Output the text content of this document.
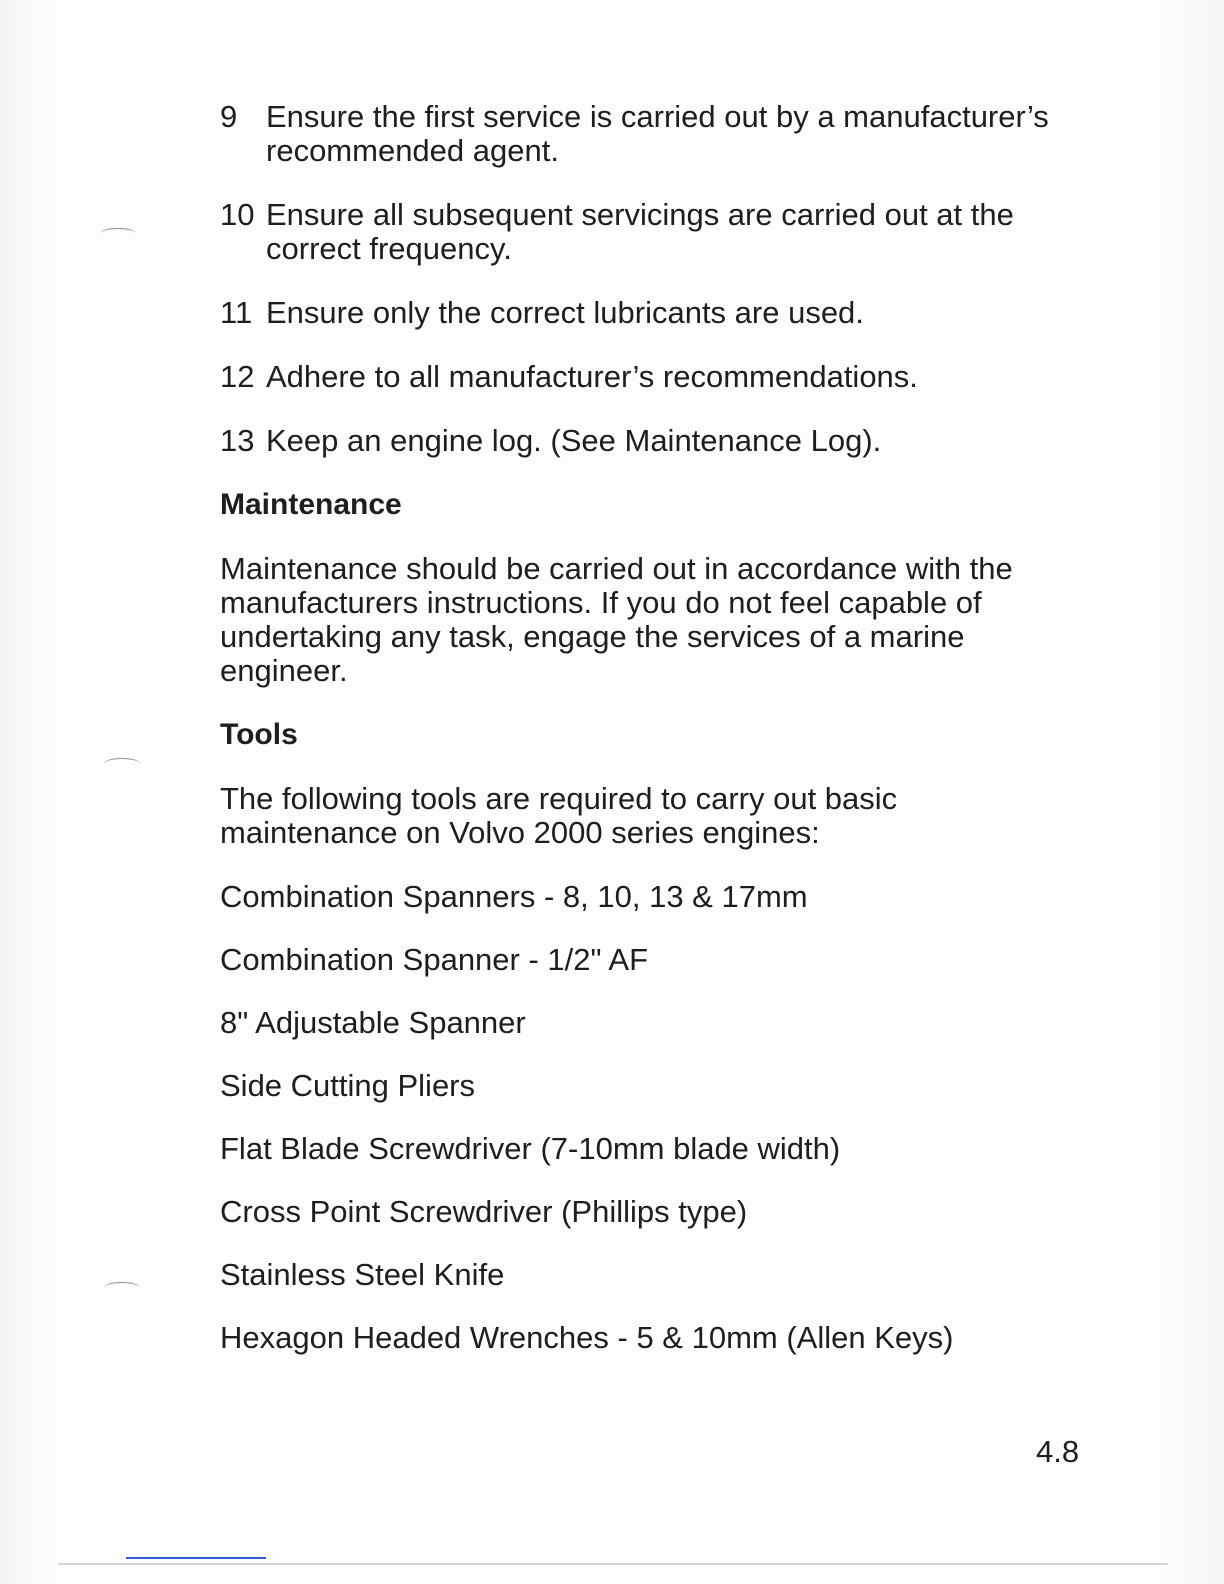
9 Ensure the first service is carried out by a manufacturer’s recommended agent.
10 Ensure all subsequent servicings are carried out at the correct frequency.
11 Ensure only the correct lubricants are used.
12 Adhere to all manufacturer’s recommendations.
13 Keep an engine log. (See Maintenance Log).
Maintenance
Maintenance should be carried out in accordance with the manufacturers instructions. If you do not feel capable of undertaking any task, engage the services of a marine engineer.
Tools
The following tools are required to carry out basic maintenance on Volvo 2000 series engines:
Combination Spanners - 8, 10, 13 & 17mm
Combination Spanner - 1/2" AF
8" Adjustable Spanner
Side Cutting Pliers
Flat Blade Screwdriver (7-10mm blade width)
Cross Point Screwdriver (Phillips type)
Stainless Steel Knife
Hexagon Headed Wrenches - 5 & 10mm (Allen Keys)
4.8
